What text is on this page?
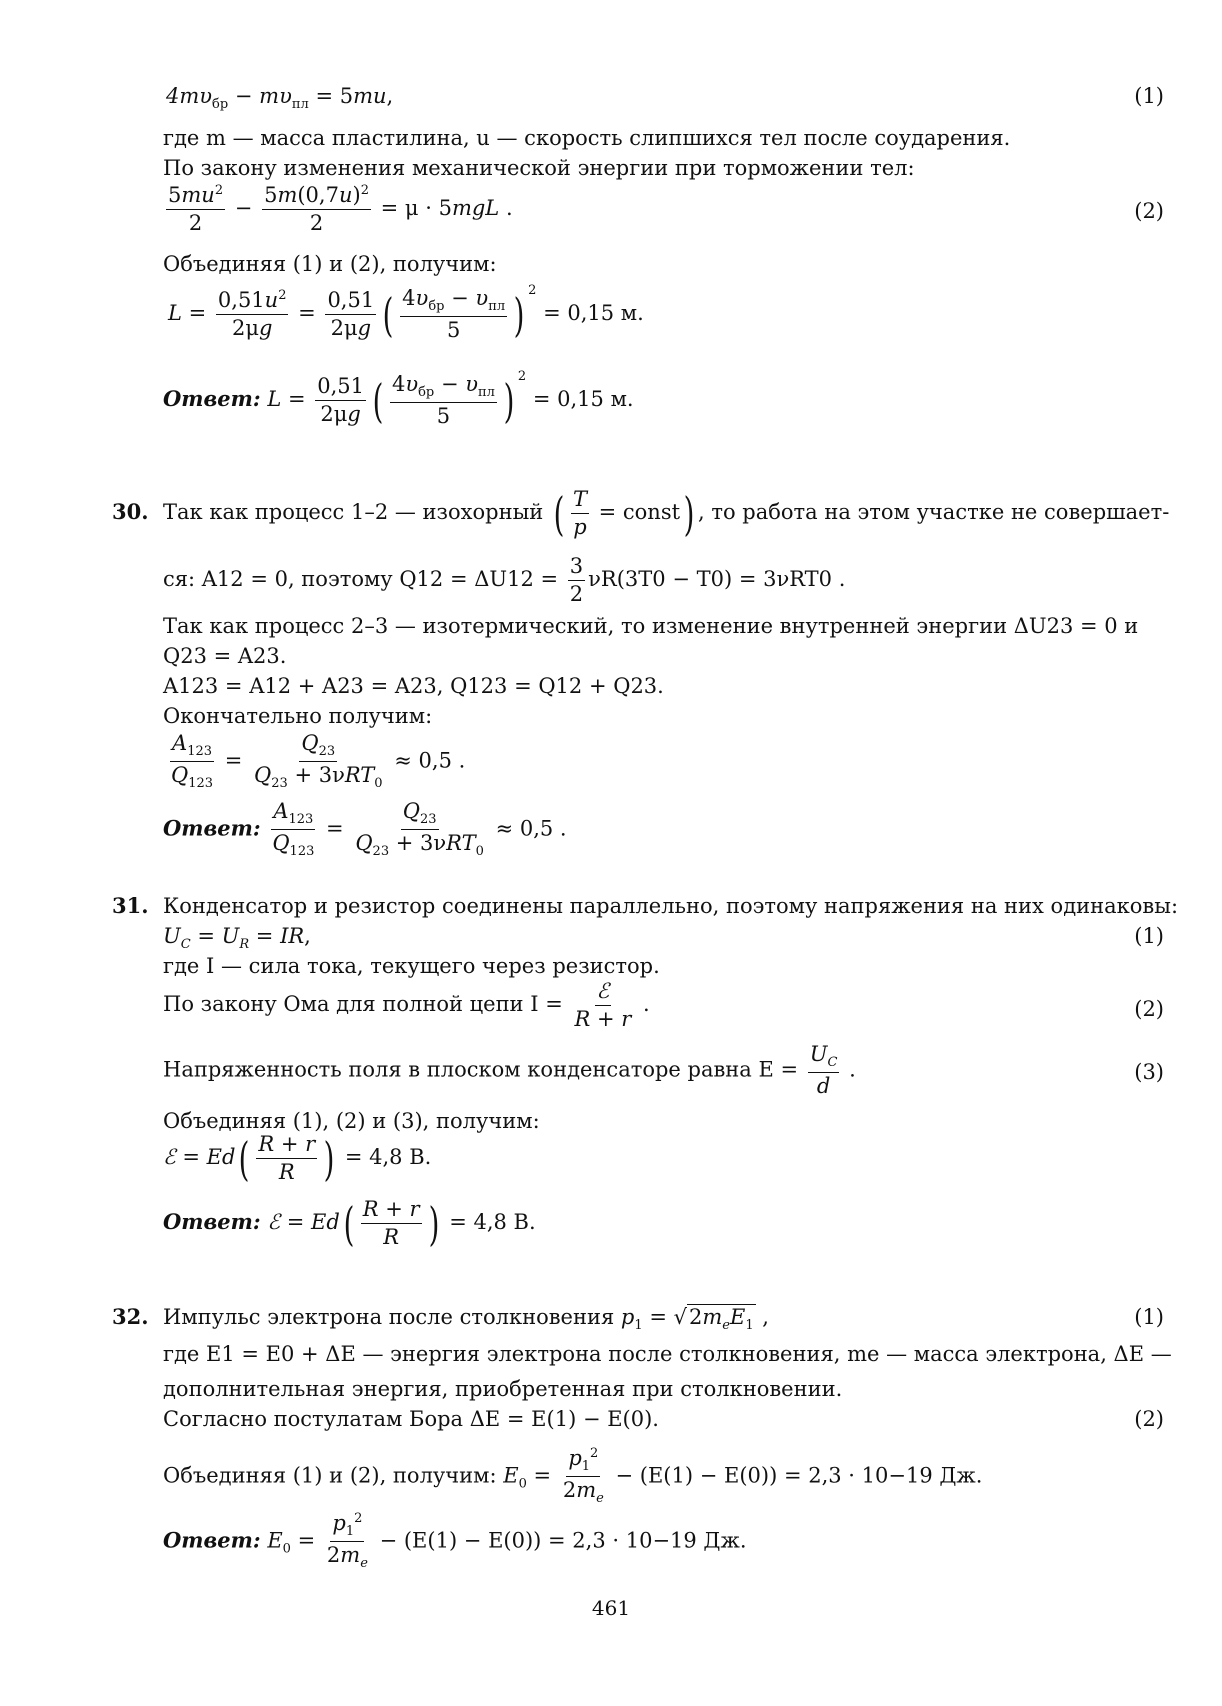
$4m\upsilon_{бр} - m\upsilon_{пл} = 5mu$,	(1)
где m — масса пластилина, u — скорость слипшихся тел после соударения.
По закону изменения механической энергии при торможении тел:
$\frac{5mu^2}{2} - \frac{5m(0,7u)^2}{2} = \mu \cdot 5mgL$ .	(2)
Объединяя (1) и (2), получим:
$L = \frac{0,51u^2}{2\mu g} = \frac{0,51}{2\mu g}$ ( $\frac{4\upsilon_{бр} - \upsilon_{пл}}{5}$ ) $^2$ = 0,15 м.
Ответ: $L = \frac{0,51}{2\mu g}$ ( $\frac{4\upsilon_{бр} - \upsilon_{пл}}{5}$ ) $^2$ = 0,15 м.
30. Так как процесс 1–2 — изохорный ( $\frac{T}{p}$ = const) , то работа на этом участке не совершает-
ся: A12 = 0, поэтому $Q12 = \Delta U12 = \frac{3}{2} \nu R(3T0 - T0) = 3\nu RT0$ .
Так как процесс 2–3 — изотермический, то изменение внутренней энергии ΔU23 = 0 и
Q23 = A23.
A123 = A12 + A23 = A23, Q123 = Q12 + Q23.
Окончательно получим:
$\frac{A_{123}}{Q_{123}} = \frac{Q_{23}}{Q_{23} + 3\nu RT_0} \approx 0,5$ .
Ответ: $\frac{A_{123}}{Q_{123}} = \frac{Q_{23}}{Q_{23} + 3\nu RT_0} \approx 0,5$ .
31. Конденсатор и резистор соединены параллельно, поэтому напряжения на них одинаковы:
$U_C = U_R$ = IR,	(1)
где I — сила тока, текущего через резистор.
По закону Ома для полной цепи $I = \frac{\text{ℰ}}{R + r}$ .	(2)
Напряженность поля в плоском конденсаторе равна $E = \frac{U_C}{d}$ .	(3)
Объединяя (1), (2) и (3), получим:
ℰ = $Ed( \frac{R + r}{R}$ ) = 4,8 В.
Ответ: ℰ = $Ed( \frac{R + r}{R}$ ) = 4,8 В.
32. Импульс электрона после столкновения $p_1 = √2m_eE_1$ ,	(1)
где E1 = E0 + ΔE — энергия электрона после столкновения, me — масса электрона, ΔE —
дополнительная энергия, приобретенная при столкновении.
Согласно постулатам Бора ΔE = E(1) − E(0).	(2)
Объединяя (1) и (2), получим: $E_0 = \frac{p_1^2}{2m_e} - (E(1) - E(0)) = 2,3 \cdot 10-19$ Дж.
Ответ: $E_0 = \frac{p_1^2}{2m_e} - (E(1) - E(0)) = 2,3 \cdot 10-19$ Дж.
461
